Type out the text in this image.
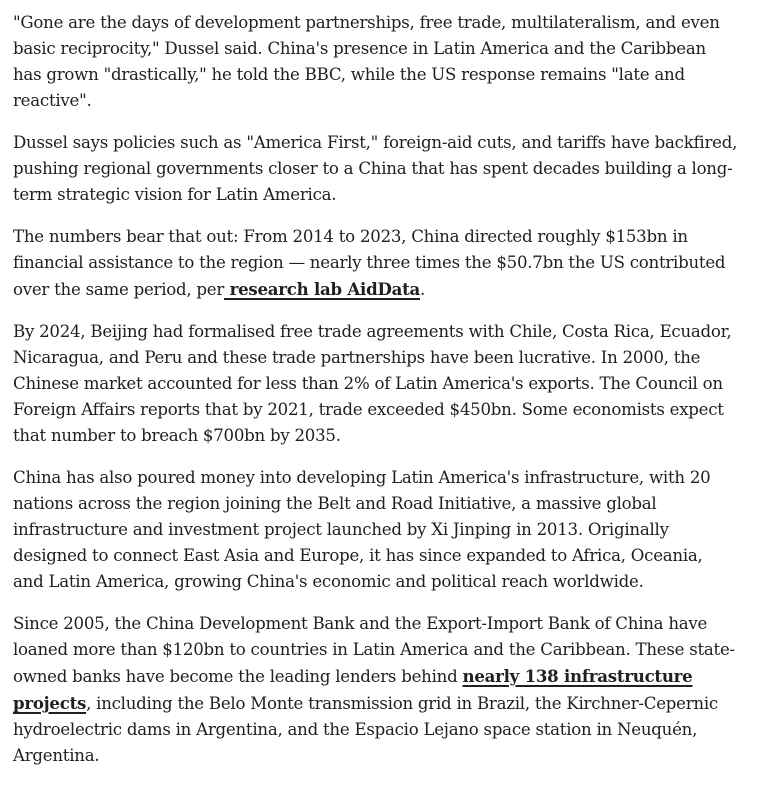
"Gone are the days of development partnerships, free trade, multilateralism, and even basic reciprocity," Dussel said. China's presence in Latin America and the Caribbean has grown "drastically," he told the BBC, while the US response remains "late and reactive".

Dussel says policies such as "America First," foreign-aid cuts, and tariffs have backfired, pushing regional governments closer to a China that has spent decades building a long-term strategic vision for Latin America.

The numbers bear that out: From 2014 to 2023, China directed roughly $153bn in financial assistance to the region — nearly three times the $50.7bn the US contributed over the same period, per research lab AidData.

By 2024, Beijing had formalised free trade agreements with Chile, Costa Rica, Ecuador, Nicaragua, and Peru and these trade partnerships have been lucrative. In 2000, the Chinese market accounted for less than 2% of Latin America's exports. The Council on Foreign Affairs reports that by 2021, trade exceeded $450bn. Some economists expect that number to breach $700bn by 2035.

China has also poured money into developing Latin America's infrastructure, with 20 nations across the region joining the Belt and Road Initiative, a massive global infrastructure and investment project launched by Xi Jinping in 2013. Originally designed to connect East Asia and Europe, it has since expanded to Africa, Oceania, and Latin America, growing China's economic and political reach worldwide.

Since 2005, the China Development Bank and the Export-Import Bank of China have loaned more than $120bn to countries in Latin America and the Caribbean. These state-owned banks have become the leading lenders behind nearly 138 infrastructure projects, including the Belo Monte transmission grid in Brazil, the Kirchner-Cepernic hydroelectric dams in Argentina, and the Espacio Lejano space station in Neuquén, Argentina.
